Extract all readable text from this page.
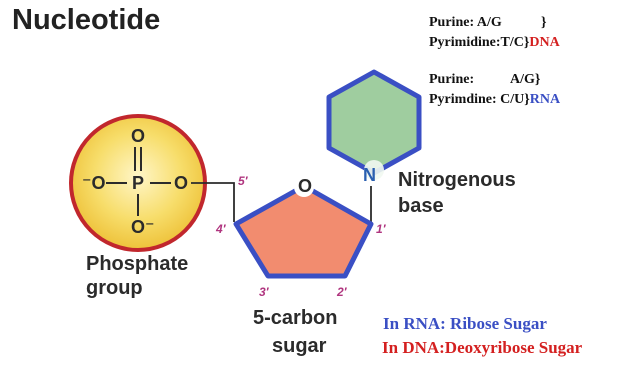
Nucleotide	Purine: A/G	}
Pyrimidine:T/C}DNA
Purine:	A/G}
Pyrimdine: C/U}RNA
O
⁻O P O
O⁻
Phosphate
group
5′
4′	1′
3′	2′
O
N Nitrogenous
base
5-carbon
sugar
In RNA: Ribose Sugar
In DNA:Deoxyribose Sugar
